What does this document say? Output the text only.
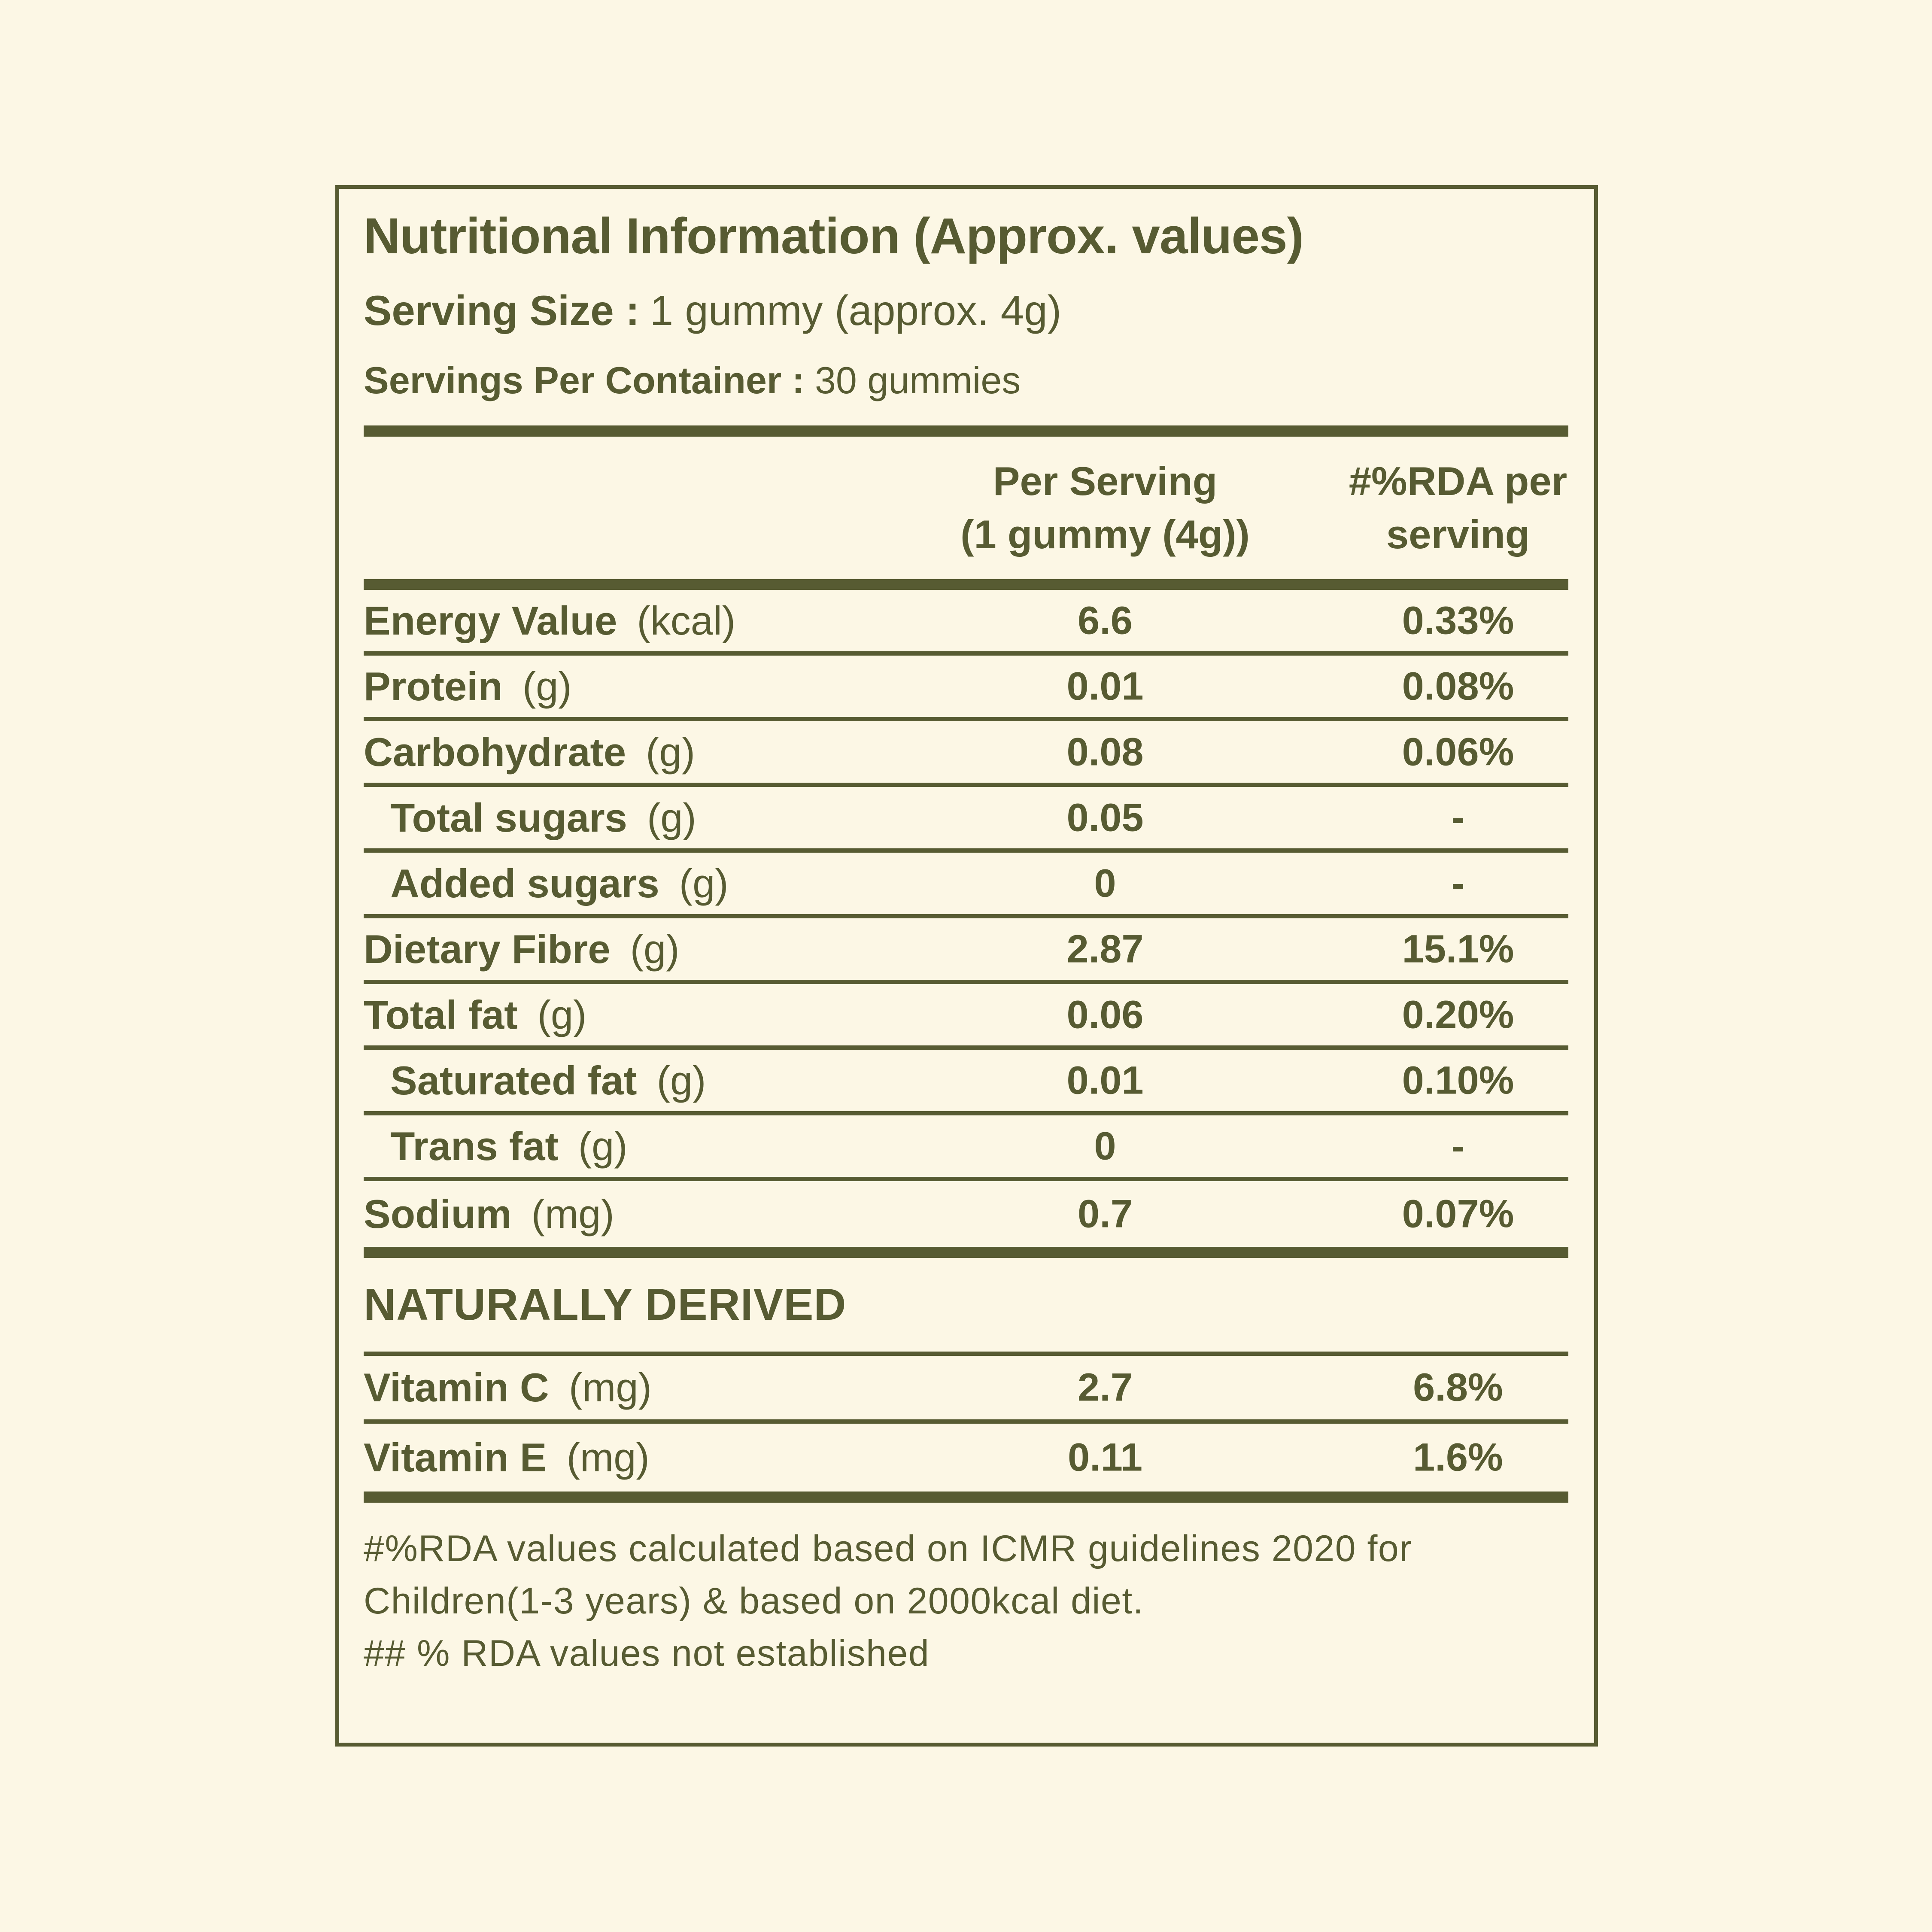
Nutritional Information (Approx. values)

Serving Size : 1 gummy (approx. 4g)

Servings Per Container : 30 gummies

Per Serving
(1 gummy (4g))
#%RDA per
serving
Energy Value (kcal)	6.6	0.33%
Protein (g)	0.01	0.08%
Carbohydrate (g)	0.08	0.06%
Total sugars (g)	0.05	-
Added sugars (g)	0	-
Dietary Fibre (g)	2.87	15.1%
Total fat (g)	0.06	0.20%
Saturated fat (g)	0.01	0.10%
Trans fat (g)	0	-
Sodium (mg)	0.7	0.07%
NATURALLY DERIVED
Vitamin C (mg)	2.7	6.8%
Vitamin E (mg)	0.11	1.6%
#%RDA values calculated based on ICMR guidelines 2020 for
Children(1-3 years) & based on 2000kcal diet.
## % RDA values not established
